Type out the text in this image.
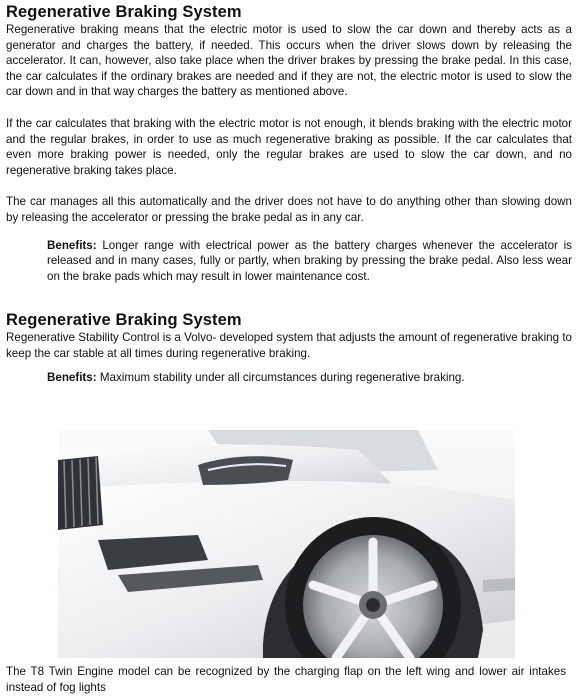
Regenerative Braking System

Regenerative braking means that the electric motor is used to slow the car down and thereby acts as a generator and charges the battery, if needed. This occurs when the driver slows down by releasing the accelerator. It can, however, also take place when the driver brakes by pressing the brake pedal. In this case, the car calculates if the ordinary brakes are needed and if they are not, the electric motor is used to slow the car down and in that way charges the battery as mentioned above.

If the car calculates that braking with the electric motor is not enough, it blends braking with the electric motor and the regular brakes, in order to use as much regenerative braking as possible. If the car calculates that even more braking power is needed, only the regular brakes are used to slow the car down, and no regenerative braking takes place.

The car manages all this automatically and the driver does not have to do anything other than slowing down by releasing the accelerator or pressing the brake pedal as in any car.

Benefits: Longer range with electrical power as the battery charges whenever the accelerator is released and in many cases, fully or partly, when braking by pressing the brake pedal. Also less wear on the brake pads which may result in lower maintenance cost.

Regenerative Braking System

Regenerative Stability Control is a Volvo- developed system that adjusts the amount of regenerative braking to keep the car stable at all times during regenerative braking.

Benefits: Maximum stability under all circumstances during regenerative braking.

The T8 Twin Engine model can be recognized by the charging flap on the left wing and lower air intakes instead of fog lights
